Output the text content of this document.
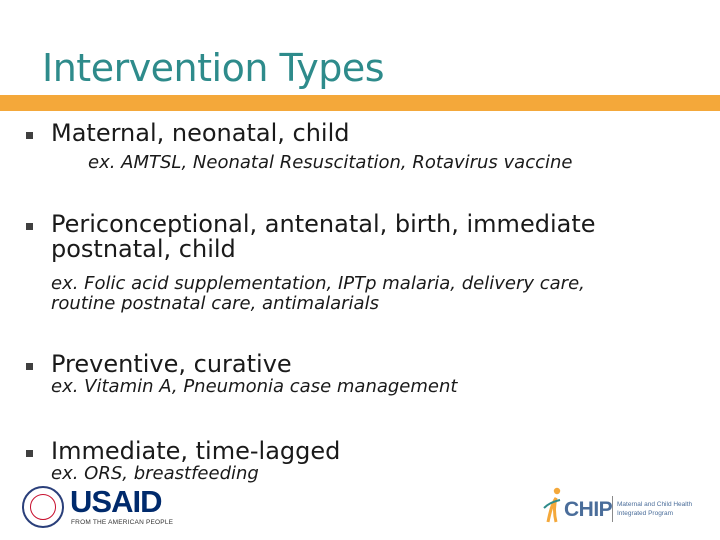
Intervention Types
Maternal, neonatal, child
ex. AMTSL, Neonatal Resuscitation, Rotavirus vaccine
Periconceptional, antenatal, birth, immediate
postnatal, child
ex. Folic acid supplementation, IPTp malaria, delivery care,
routine postnatal care, antimalarials
Preventive, curative
ex. Vitamin A, Pneumonia case management
Immediate, time-lagged
ex. ORS, breastfeeding
USAID
FROM THE AMERICAN PEOPLE
CHIP Maternal and Child Health
Integrated Program
